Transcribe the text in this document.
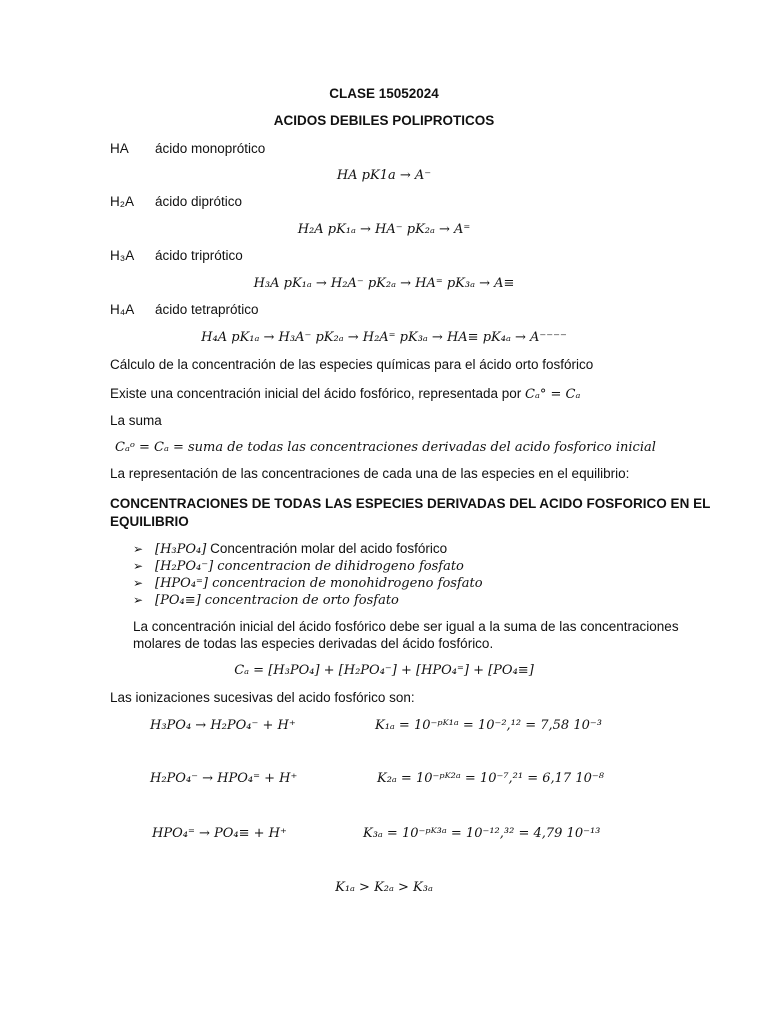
CLASE 15052024
ACIDOS DEBILES POLIPROTICOS
HA ácido monoprótico
HA pK1a → A⁻
H₂A ácido diprótico
H₂A pK₁ₐ → HA⁻ pK₂ₐ → A⁼
H₃A ácido triprótico
H₃A pK₁ₐ → H₂A⁻ pK₂ₐ → HA⁼ pK₃ₐ → A≡
H₄A ácido tetraprótico
H₄A pK₁ₐ → H₃A⁻ pK₂ₐ → H₂A⁼ pK₃ₐ → HA≡ pK₄ₐ → A⁻⁻⁻⁻
Cálculo de la concentración de las especies químicas para el ácido orto fosfórico
Existe una concentración inicial del ácido fosfórico, representada por Cₐ° = Cₐ
La suma
Cₐᵒ = Cₐ = suma de todas las concentraciones derivadas del acido fosforico inicial
La representación de las concentraciones de cada una de las especies en el equilibrio:
CONCENTRACIONES DE TODAS LAS ESPECIES DERIVADAS DEL ACIDO FOSFORICO EN EL
EQUILIBRIO
➢ [H₃PO₄] Concentración molar del acido fosfórico
➢ [H₂PO₄⁻] concentracion de dihidrogeno fosfato
➢ [HPO₄⁼] concentracion de monohidrogeno fosfato
➢ [PO₄≡] concentracion de orto fosfato
La concentración inicial del ácido fosfórico debe ser igual a la suma de las concentraciones
molares de todas las especies derivadas del ácido fosfórico.
Cₐ = [H₃PO₄] + [H₂PO₄⁻] + [HPO₄⁼] + [PO₄≡]
Las ionizaciones sucesivas del acido fosfórico son:
H₃PO₄ → H₂PO₄⁻ + H⁺	K₁ₐ = 10⁻ᵖᴷ¹ᵃ = 10⁻²,¹² = 7,58 10⁻³
H₂PO₄⁻ → HPO₄⁼ + H⁺	K₂ₐ = 10⁻ᵖᴷ²ᵃ = 10⁻⁷,²¹ = 6,17 10⁻⁸
HPO₄⁼ → PO₄≡ + H⁺	K₃ₐ = 10⁻ᵖᴷ³ᵃ = 10⁻¹²,³² = 4,79 10⁻¹³
K₁ₐ > K₂ₐ > K₃ₐ
